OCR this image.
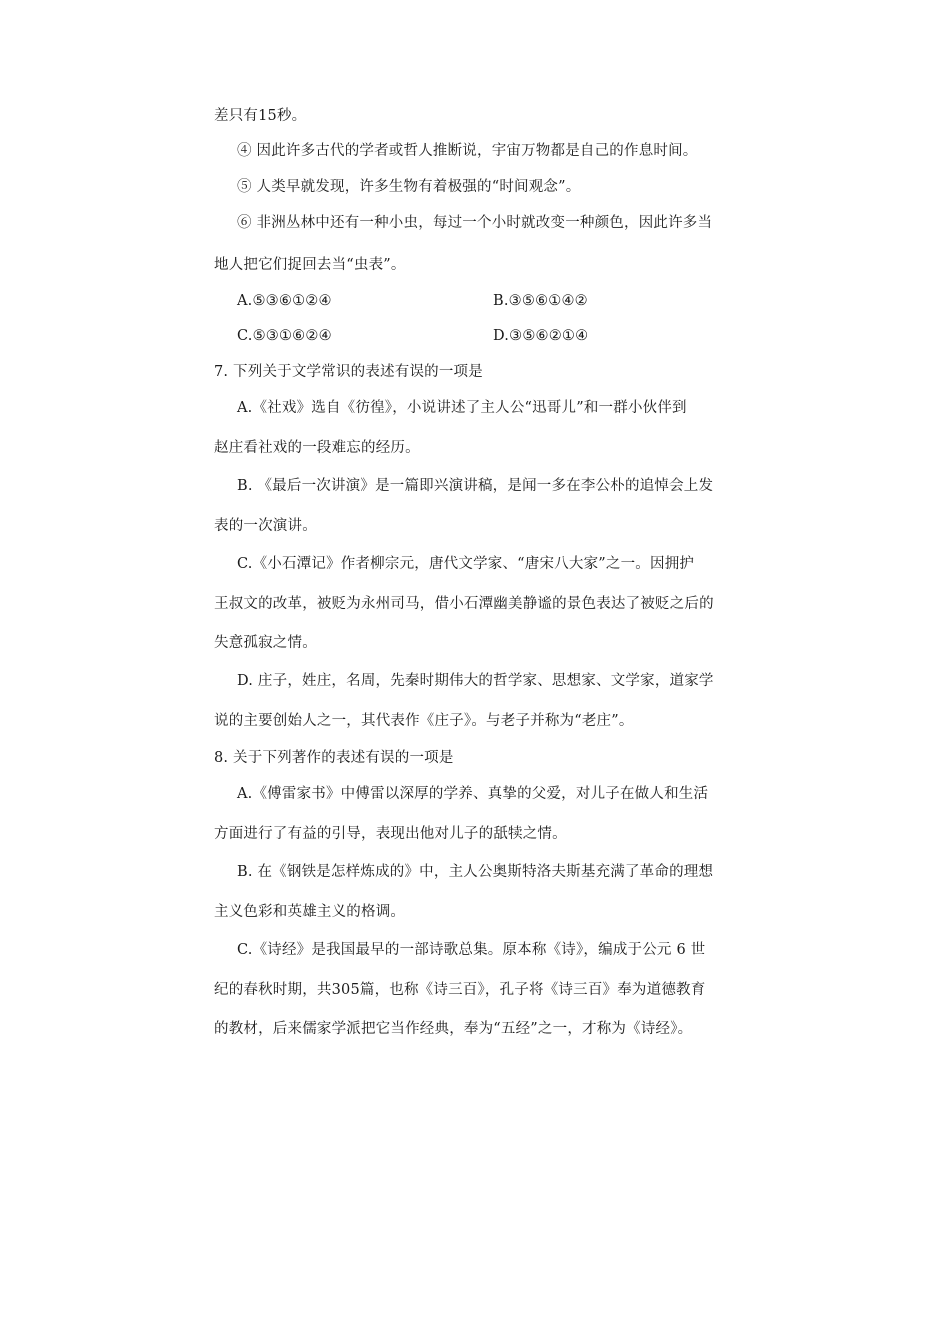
差只有15秒。
④ 因此许多古代的学者或哲人推断说，宇宙万物都是自己的作息时间。
⑤ 人类早就发现，许多生物有着极强的“时间观念”。
⑥ 非洲丛林中还有一种小虫，每过一个小时就改变一种颜色，因此许多当
地人把它们捉回去当“虫表”。
A.⑤③⑥①②④	B.③⑤⑥①④②
C.⑤③①⑥②④	D.③⑤⑥②①④
7. 下列关于文学常识的表述有误的一项是
A.《社戏》选自《彷徨》，小说讲述了主人公“迅哥儿”和一群小伙伴到
赵庄看社戏的一段难忘的经历。
B. 《最后一次讲演》是一篇即兴演讲稿，是闻一多在李公朴的追悼会上发
表的一次演讲。
C.《小石潭记》作者柳宗元，唐代文学家、“唐宋八大家”之一。因拥护
王叔文的改革，被贬为永州司马，借小石潭幽美静谧的景色表达了被贬之后的
失意孤寂之情。
D. 庄子，姓庄，名周，先秦时期伟大的哲学家、思想家、文学家，道家学
说的主要创始人之一，其代表作《庄子》。与老子并称为“老庄”。
8. 关于下列著作的表述有误的一项是
A.《傅雷家书》中傅雷以深厚的学养、真挚的父爱，对儿子在做人和生活
方面进行了有益的引导，表现出他对儿子的舐犊之情。
B. 在《钢铁是怎样炼成的》中，主人公奥斯特洛夫斯基充满了革命的理想
主义色彩和英雄主义的格调。
C.《诗经》是我国最早的一部诗歌总集。原本称《诗》，编成于公元 6 世
纪的春秋时期，共305篇，也称《诗三百》，孔子将《诗三百》奉为道德教育
的教材，后来儒家学派把它当作经典，奉为“五经”之一，才称为《诗经》。
